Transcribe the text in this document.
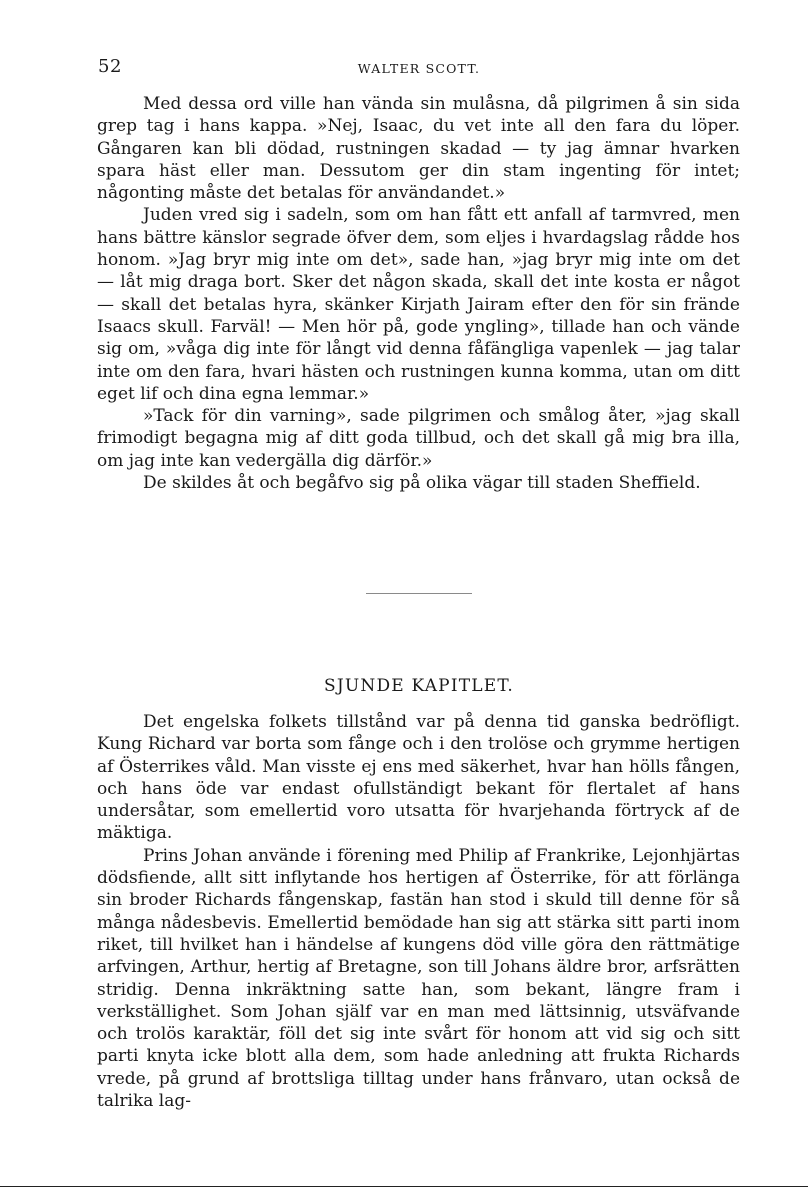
52	WALTER SCOTT.

Med dessa ord ville han vända sin mulåsna, då pilgrimen å sin sida grep tag i hans kappa. »Nej, Isaac, du vet inte all den fara du löper. Gångaren kan bli dödad, rustningen skadad — ty jag ämnar hvarken spara häst eller man. Dessutom ger din stam ingenting för intet; någonting måste det betalas för användandet.»

Juden vred sig i sadeln, som om han fått ett anfall af tarmvred, men hans bättre känslor segrade öfver dem, som eljes i hvardagslag rådde hos honom. »Jag bryr mig inte om det», sade han, »jag bryr mig inte om det — låt mig draga bort. Sker det någon skada, skall det inte kosta er något — skall det betalas hyra, skänker Kirjath Jairam efter den för sin frände Isaacs skull. Farväl! — Men hör på, gode yngling», tillade han och vände sig om, »våga dig inte för långt vid denna fåfängliga vapenlek — jag talar inte om den fara, hvari hästen och rustningen kunna komma, utan om ditt eget lif och dina egna lemmar.»

»Tack för din varning», sade pilgrimen och smålog åter, »jag skall frimodigt begagna mig af ditt goda tillbud, och det skall gå mig bra illa, om jag inte kan vedergälla dig därför.»

De skildes åt och begåfvo sig på olika vägar till staden Sheffield.

SJUNDE KAPITLET.

Det engelska folkets tillstånd var på denna tid ganska bedröfligt. Kung Richard var borta som fånge och i den trolöse och grymme hertigen af Österrikes våld. Man visste ej ens med säkerhet, hvar han hölls fången, och hans öde var endast ofullständigt bekant för flertalet af hans undersåtar, som emellertid voro utsatta för hvarjehanda förtryck af de mäktiga.

Prins Johan använde i förening med Philip af Frankrike, Lejonhjärtas dödsfiende, allt sitt inflytande hos hertigen af Österrike, för att förlänga sin broder Richards fångenskap, fastän han stod i skuld till denne för så många nådesbevis. Emellertid bemödade han sig att stärka sitt parti inom riket, till hvilket han i händelse af kungens död ville göra den rättmätige arfvingen, Arthur, hertig af Bretagne, son till Johans äldre bror, arfsrätten stridig. Denna inkräktning satte han, som bekant, längre fram i verkställighet. Som Johan själf var en man med lättsinnig, utsväfvande och trolös karaktär, föll det sig inte svårt för honom att vid sig och sitt parti knyta icke blott alla dem, som hade anledning att frukta Richards vrede, på grund af brottsliga tilltag under hans frånvaro, utan också de talrika lag-
